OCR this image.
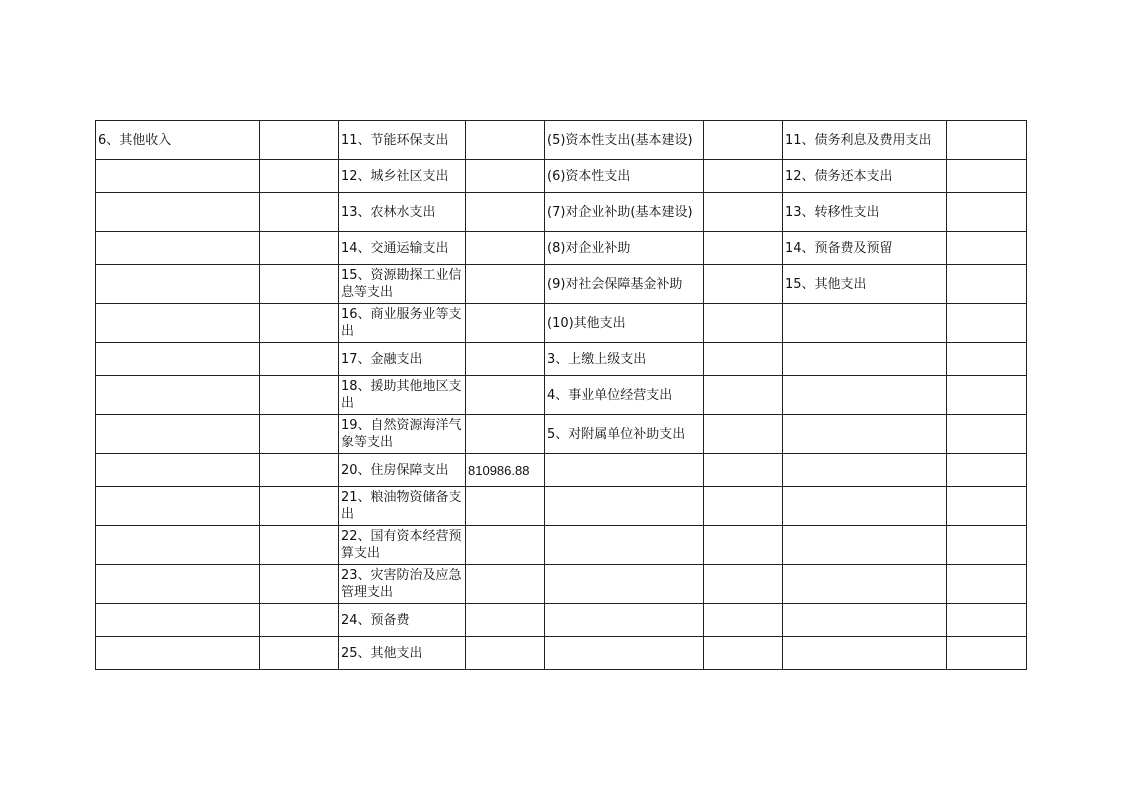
6、其他收入		11、节能环保支出		(5)资本性支出(基本建设)		11、债务利息及费用支出	
		12、城乡社区支出		(6)资本性支出		12、债务还本支出	
		13、农林水支出		(7)对企业补助(基本建设)		13、转移性支出	
		14、交通运输支出		(8)对企业补助		14、预备费及预留	
		15、资源勘探工业信息等支出		(9)对社会保障基金补助		15、其他支出	
		16、商业服务业等支出		(10)其他支出			
		17、金融支出		3、上缴上级支出			
		18、援助其他地区支出		4、事业单位经营支出			
		19、自然资源海洋气象等支出		5、对附属单位补助支出			
		20、住房保障支出	810986.88				
		21、粮油物资储备支出					
		22、国有资本经营预算支出					
		23、灾害防治及应急管理支出					
		24、预备费					
		25、其他支出					
